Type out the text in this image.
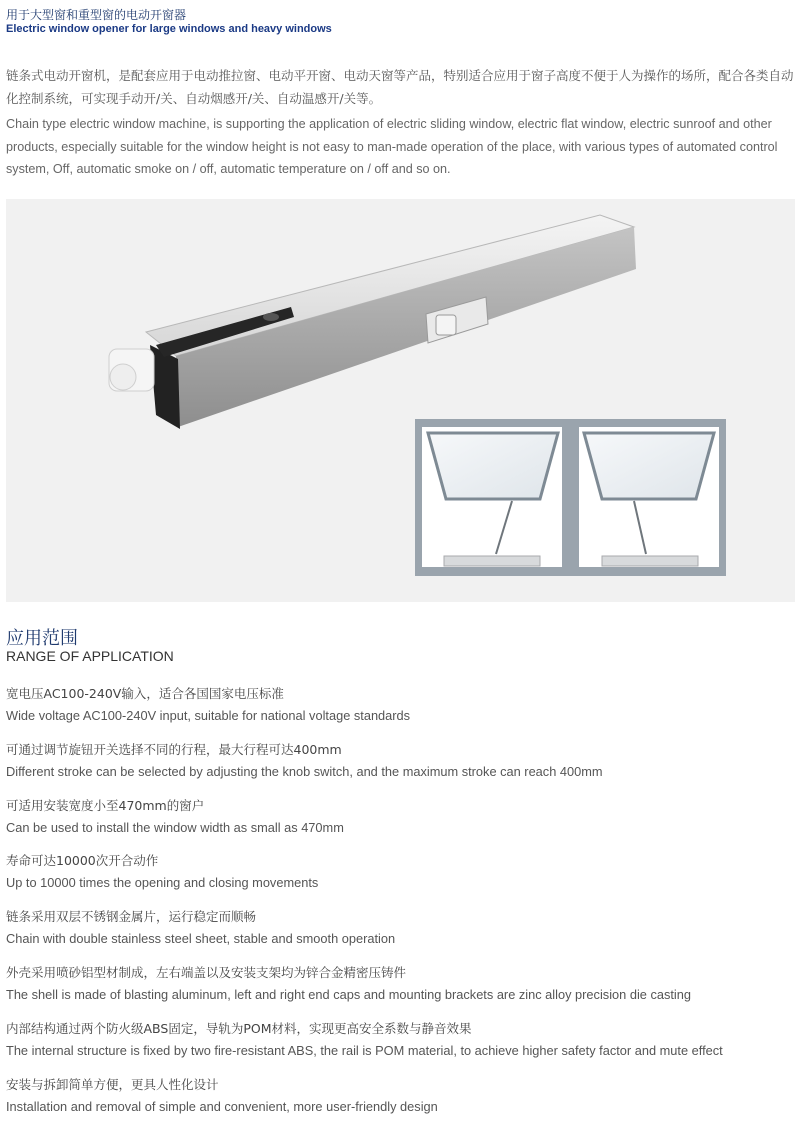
用于大型窗和重型窗的电动开窗器
Electric window opener for large windows and heavy windows
链条式电动开窗机，是配套应用于电动推拉窗、电动平开窗、电动天窗等产品，特别适合应用于窗子高度不便于人为操作的场所，配合各类自动化控制系统，可实现手动开/关、自动烟感开/关、自动温感开/关等。
Chain type electric window machine, is supporting the application of electric sliding window, electric flat window, electric sunroof and other products, especially suitable for the window height is not easy to man-made operation of the place, with various types of automated control system, Off, automatic smoke on / off, automatic temperature on / off and so on.
应用范围
RANGE OF APPLICATION
宽电压AC100-240V输入，适合各国国家电压标准
Wide voltage AC100-240V input, suitable for national voltage standards
可通过调节旋钮开关选择不同的行程，最大行程可达400mm
Different stroke can be selected by adjusting the knob switch, and the maximum stroke can reach 400mm
可适用安装宽度小至470mm的窗户
Can be used to install the window width as small as 470mm
寿命可达10000次开合动作
Up to 10000 times the opening and closing movements
链条采用双层不锈钢金属片，运行稳定而顺畅
Chain with double stainless steel sheet, stable and smooth operation
外壳采用喷砂铝型材制成，左右端盖以及安装支架均为锌合金精密压铸件
The shell is made of blasting aluminum, left and right end caps and mounting brackets are zinc alloy precision die casting
内部结构通过两个防火级ABS固定，导轨为POM材料，实现更高安全系数与静音效果
The internal structure is fixed by two fire-resistant ABS, the rail is POM material, to achieve higher safety factor and mute effect
安装与拆卸简单方便，更具人性化设计
Installation and removal of simple and convenient, more user-friendly design
